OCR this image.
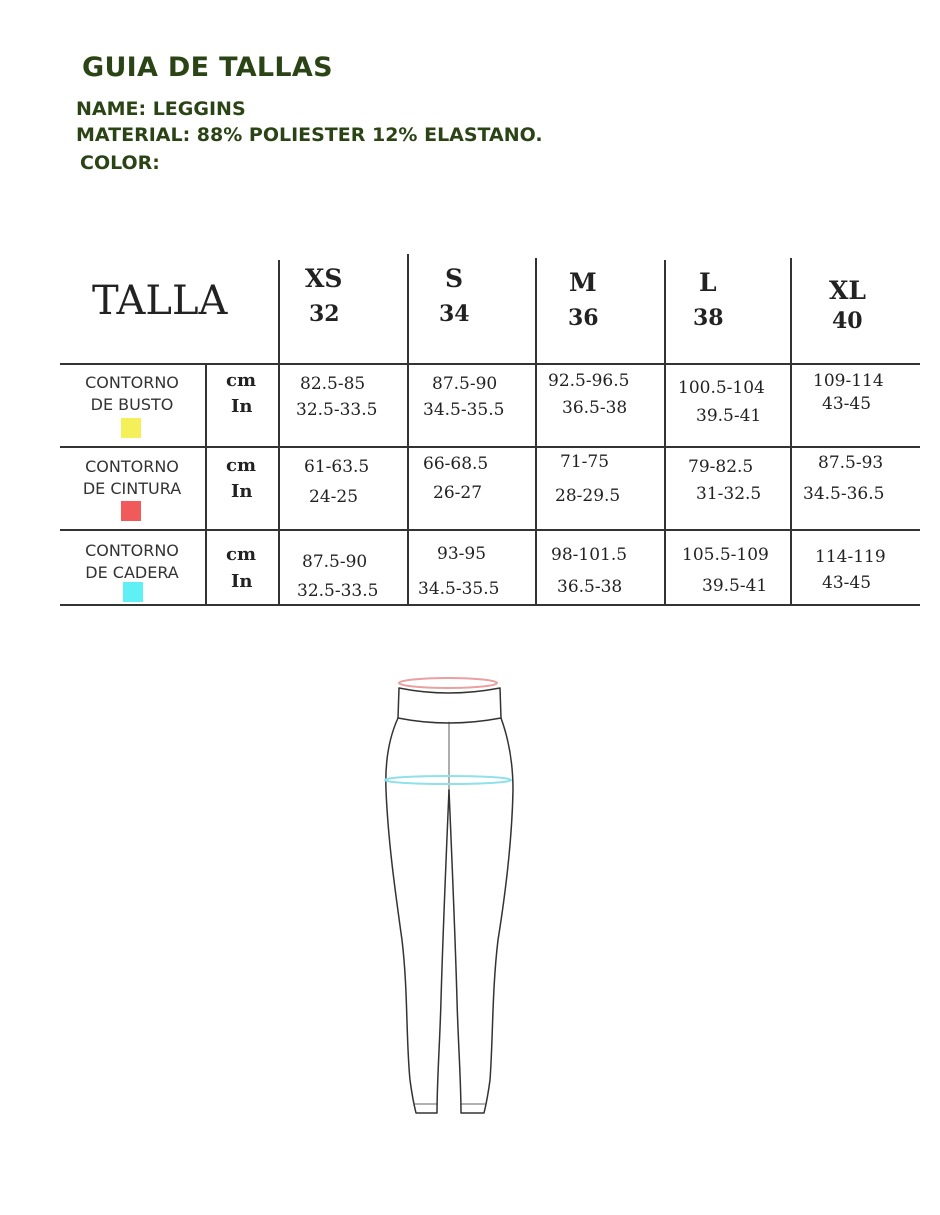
GUIA DE TALLAS
NAME: LEGGINS
MATERIAL: 88% POLIESTER 12% ELASTANO.
COLOR:
TALLA	XS
32
S
34
M
36
L
38
XL
40
CONTORNO
DE BUSTO
cm
In
82.5-85
32.5-33.5
87.5-90
34.5-35.5
92.5-96.5
36.5-38
100.5-104
39.5-41
109-114
43-45
CONTORNO
DE CINTURA
cm
In
61-63.5
24-25
66-68.5
26-27
71-75
28-29.5
79-82.5
31-32.5
87.5-93
34.5-36.5
CONTORNO
DE CADERA
cm
In
87.5-90
32.5-33.5
93-95
34.5-35.5
98-101.5
36.5-38
105.5-109
39.5-41
114-119
43-45
